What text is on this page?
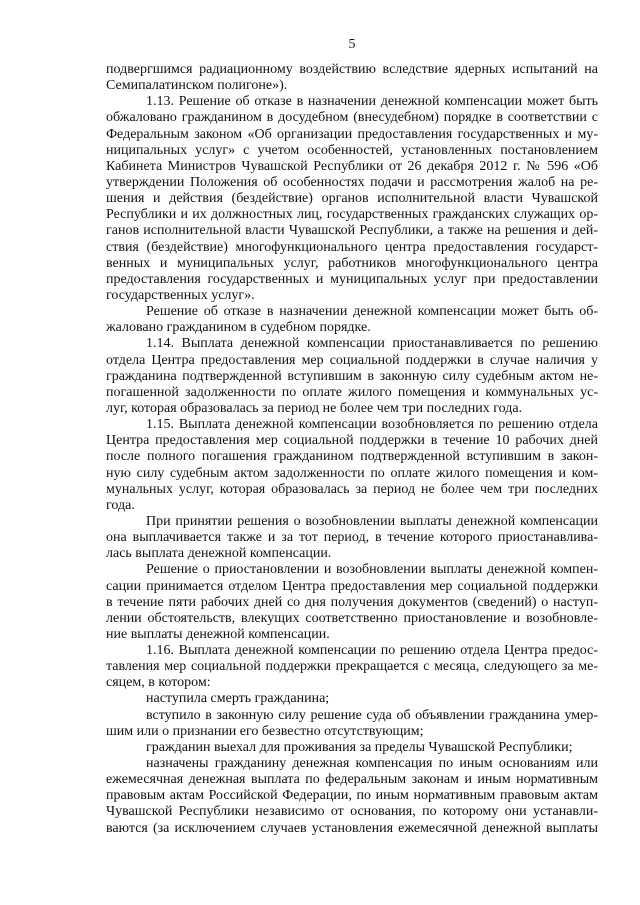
5
подвергшимся радиационному воздействию вследствие ядерных испытаний на
Семипалатинском полигоне»).
1.13. Решение об отказе в назначении денежной компенсации может быть
обжаловано гражданином в досудебном (внесудебном) порядке в соответствии с
Федеральным законом «Об организации предоставления государственных и му-
ниципальных услуг» с учетом особенностей, установленных постановлением
Кабинета Министров Чувашской Республики от 26 декабря 2012 г. № 596 «Об
утверждении Положения об особенностях подачи и рассмотрения жалоб на ре-
шения и действия (бездействие) органов исполнительной власти Чувашской
Республики и их должностных лиц, государственных гражданских служащих ор-
ганов исполнительной власти Чувашской Республики, а также на решения и дей-
ствия (бездействие) многофункционального центра предоставления государст-
венных и муниципальных услуг, работников многофункционального центра
предоставления государственных и муниципальных услуг при предоставлении
государственных услуг».
Решение об отказе в назначении денежной компенсации может быть об-
жаловано гражданином в судебном порядке.
1.14. Выплата денежной компенсации приостанавливается по решению
отдела Центра предоставления мер социальной поддержки в случае наличия у
гражданина подтвержденной вступившим в законную силу судебным актом не-
погашенной задолженности по оплате жилого помещения и коммунальных ус-
луг, которая образовалась за период не более чем три последних года.
1.15. Выплата денежной компенсации возобновляется по решению отдела
Центра предоставления мер социальной поддержки в течение 10 рабочих дней
после полного погашения гражданином подтвержденной вступившим в закон-
ную силу судебным актом задолженности по оплате жилого помещения и ком-
мунальных услуг, которая образовалась за период не более чем три последних
года.
При принятии решения о возобновлении выплаты денежной компенсации
она выплачивается также и за тот период, в течение которого приостанавлива-
лась выплата денежной компенсации.
Решение о приостановлении и возобновлении выплаты денежной компен-
сации принимается отделом Центра предоставления мер социальной поддержки
в течение пяти рабочих дней со дня получения документов (сведений) о наступ-
лении обстоятельств, влекущих соответственно приостановление и возобновле-
ние выплаты денежной компенсации.
1.16. Выплата денежной компенсации по решению отдела Центра предос-
тавления мер социальной поддержки прекращается с месяца, следующего за ме-
сяцем, в котором:
наступила смерть гражданина;
вступило в законную силу решение суда об объявлении гражданина умер-
шим или о признании его безвестно отсутствующим;
гражданин выехал для проживания за пределы Чувашской Республики;
назначены гражданину денежная компенсация по иным основаниям или
ежемесячная денежная выплата по федеральным законам и иным нормативным
правовым актам Российской Федерации, по иным нормативным правовым актам
Чувашской Республики независимо от основания, по которому они устанавли-
ваются (за исключением случаев установления ежемесячной денежной выплаты
